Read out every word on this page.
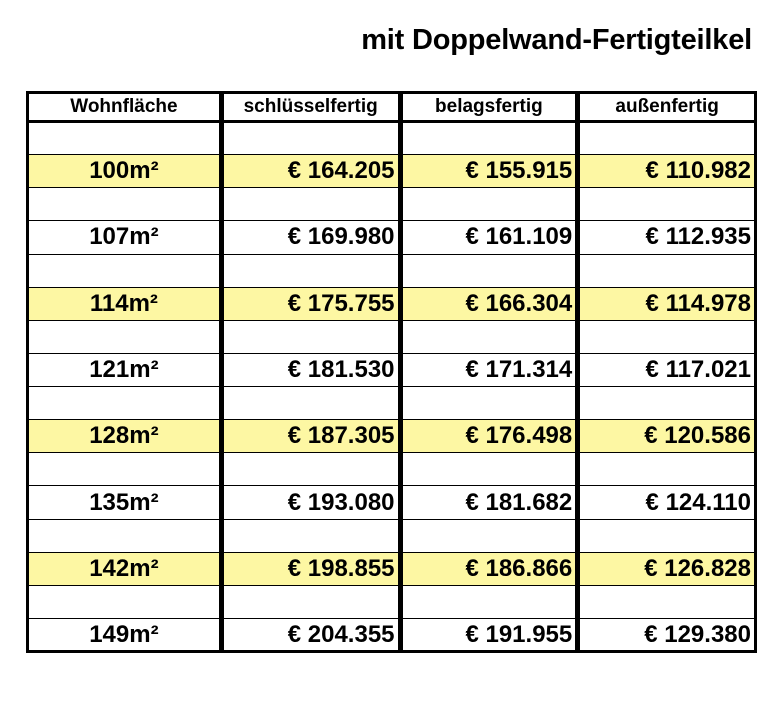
mit Doppelwand-Fertigteilkel
Wohnfläche	schlüsselfertig	belagsfertig	außenfertig

100m²	€ 164.205	€ 155.915	€ 110.982

107m²	€ 169.980	€ 161.109	€ 112.935

114m²	€ 175.755	€ 166.304	€ 114.978

121m²	€ 181.530	€ 171.314	€ 117.021

128m²	€ 187.305	€ 176.498	€ 120.586

135m²	€ 193.080	€ 181.682	€ 124.110

142m²	€ 198.855	€ 186.866	€ 126.828

149m²	€ 204.355	€ 191.955	€ 129.380
